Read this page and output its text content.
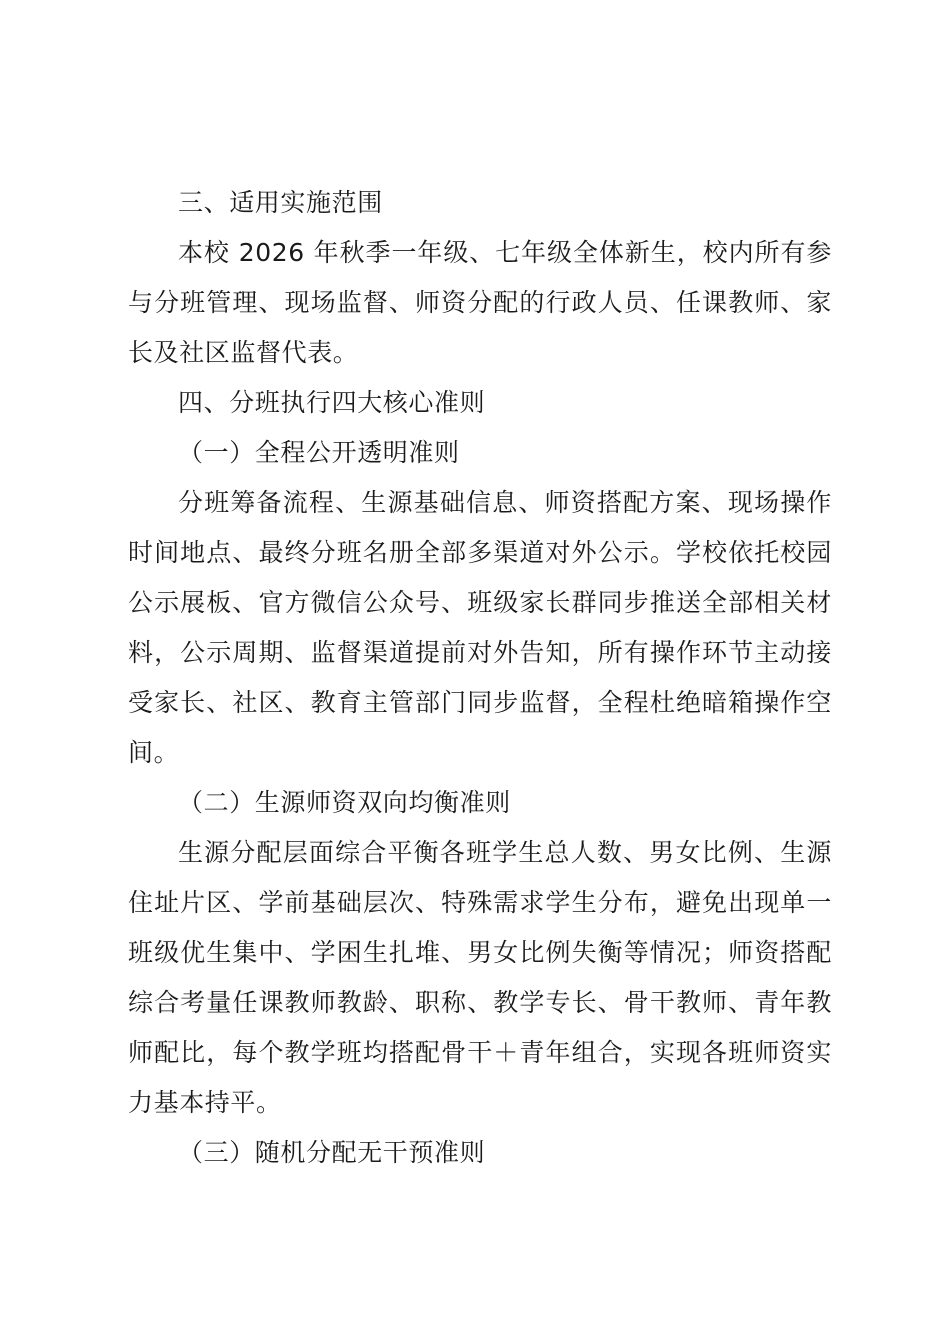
三、适用实施范围

本校 2026 年秋季一年级、七年级全体新生，校内所有参与分班管理、现场监督、师资分配的行政人员、任课教师、家长及社区监督代表。

四、分班执行四大核心准则

（一）全程公开透明准则

分班筹备流程、生源基础信息、师资搭配方案、现场操作时间地点、最终分班名册全部多渠道对外公示。学校依托校园公示展板、官方微信公众号、班级家长群同步推送全部相关材料，公示周期、监督渠道提前对外告知，所有操作环节主动接受家长、社区、教育主管部门同步监督，全程杜绝暗箱操作空间。

（二）生源师资双向均衡准则

生源分配层面综合平衡各班学生总人数、男女比例、生源住址片区、学前基础层次、特殊需求学生分布，避免出现单一班级优生集中、学困生扎堆、男女比例失衡等情况；师资搭配综合考量任课教师教龄、职称、教学专长、骨干教师、青年教师配比，每个教学班均搭配骨干＋青年组合，实现各班师资实力基本持平。

（三）随机分配无干预准则
